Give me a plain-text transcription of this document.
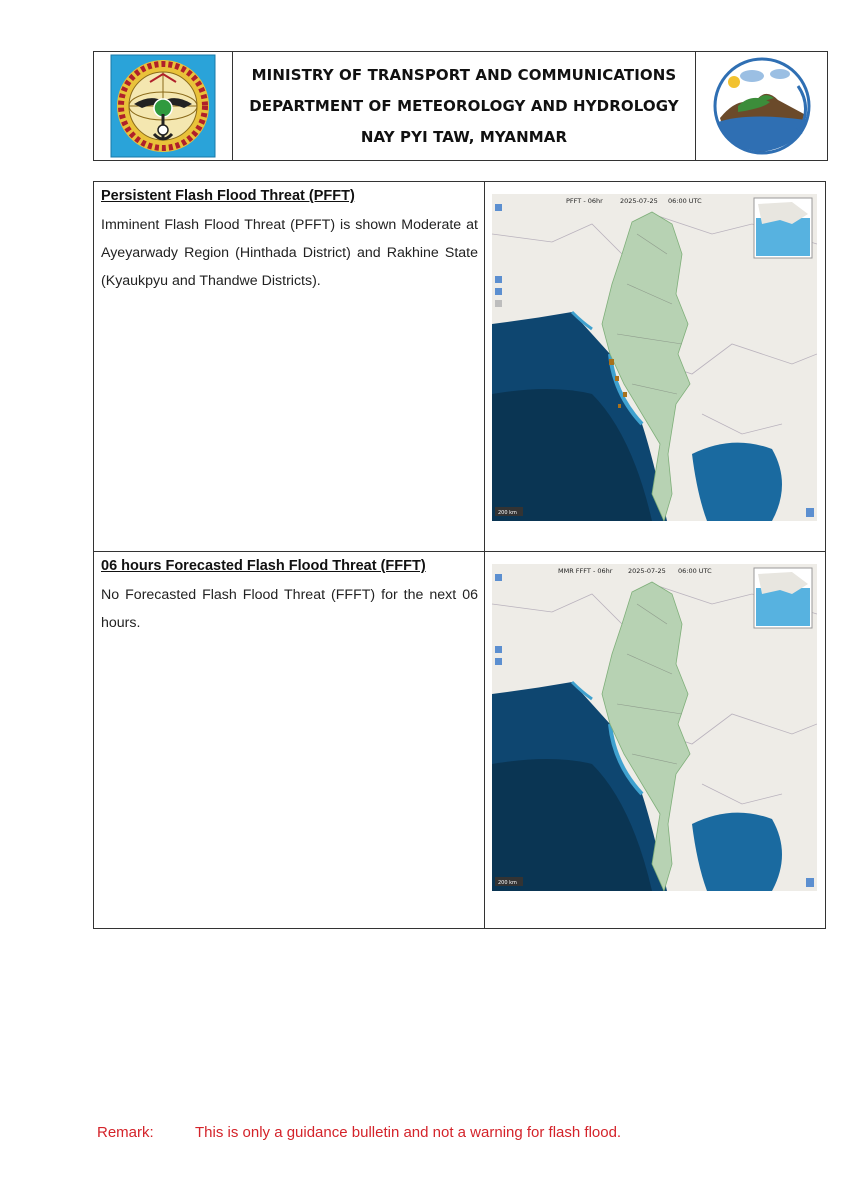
MINISTRY OF TRANSPORT AND COMMUNICATIONS
DEPARTMENT OF METEOROLOGY AND HYDROLOGY
NAY PYI TAW, MYANMAR
Persistent Flash Flood Threat (PFFT)

Imminent Flash Flood Threat (PFFT) is shown Moderate at Ayeyarwady Region (Hinthada District) and Rakhine State (Kyaukpyu and Thandwe Districts).

200 km
PFFT - 06hr	2025-07-25 06:00 UTC
06 hours Forecasted Flash Flood Threat (FFFT)

No Forecasted Flash Flood Threat (FFFT) for the next 06 hours.

200 km
MMR FFFT - 06hr 2025-07-25 06:00 UTC
Remark:	This is only a guidance bulletin and not a warning for flash flood.
